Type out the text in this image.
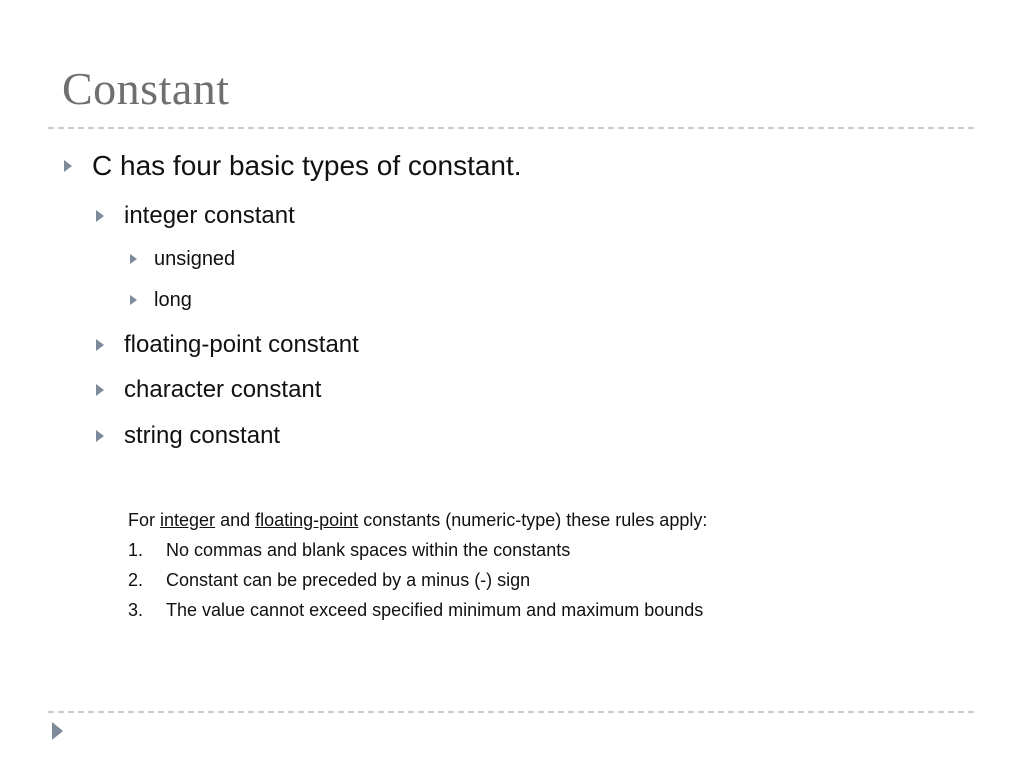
Constant
C has four basic types of constant.
integer constant
unsigned
long
floating-point constant
character constant
string constant
For integer and floating-point constants (numeric-type) these rules apply:
1.	No commas and blank spaces within the constants
2.	Constant can be preceded by a minus (-) sign
3.	The value cannot exceed specified minimum and maximum bounds
